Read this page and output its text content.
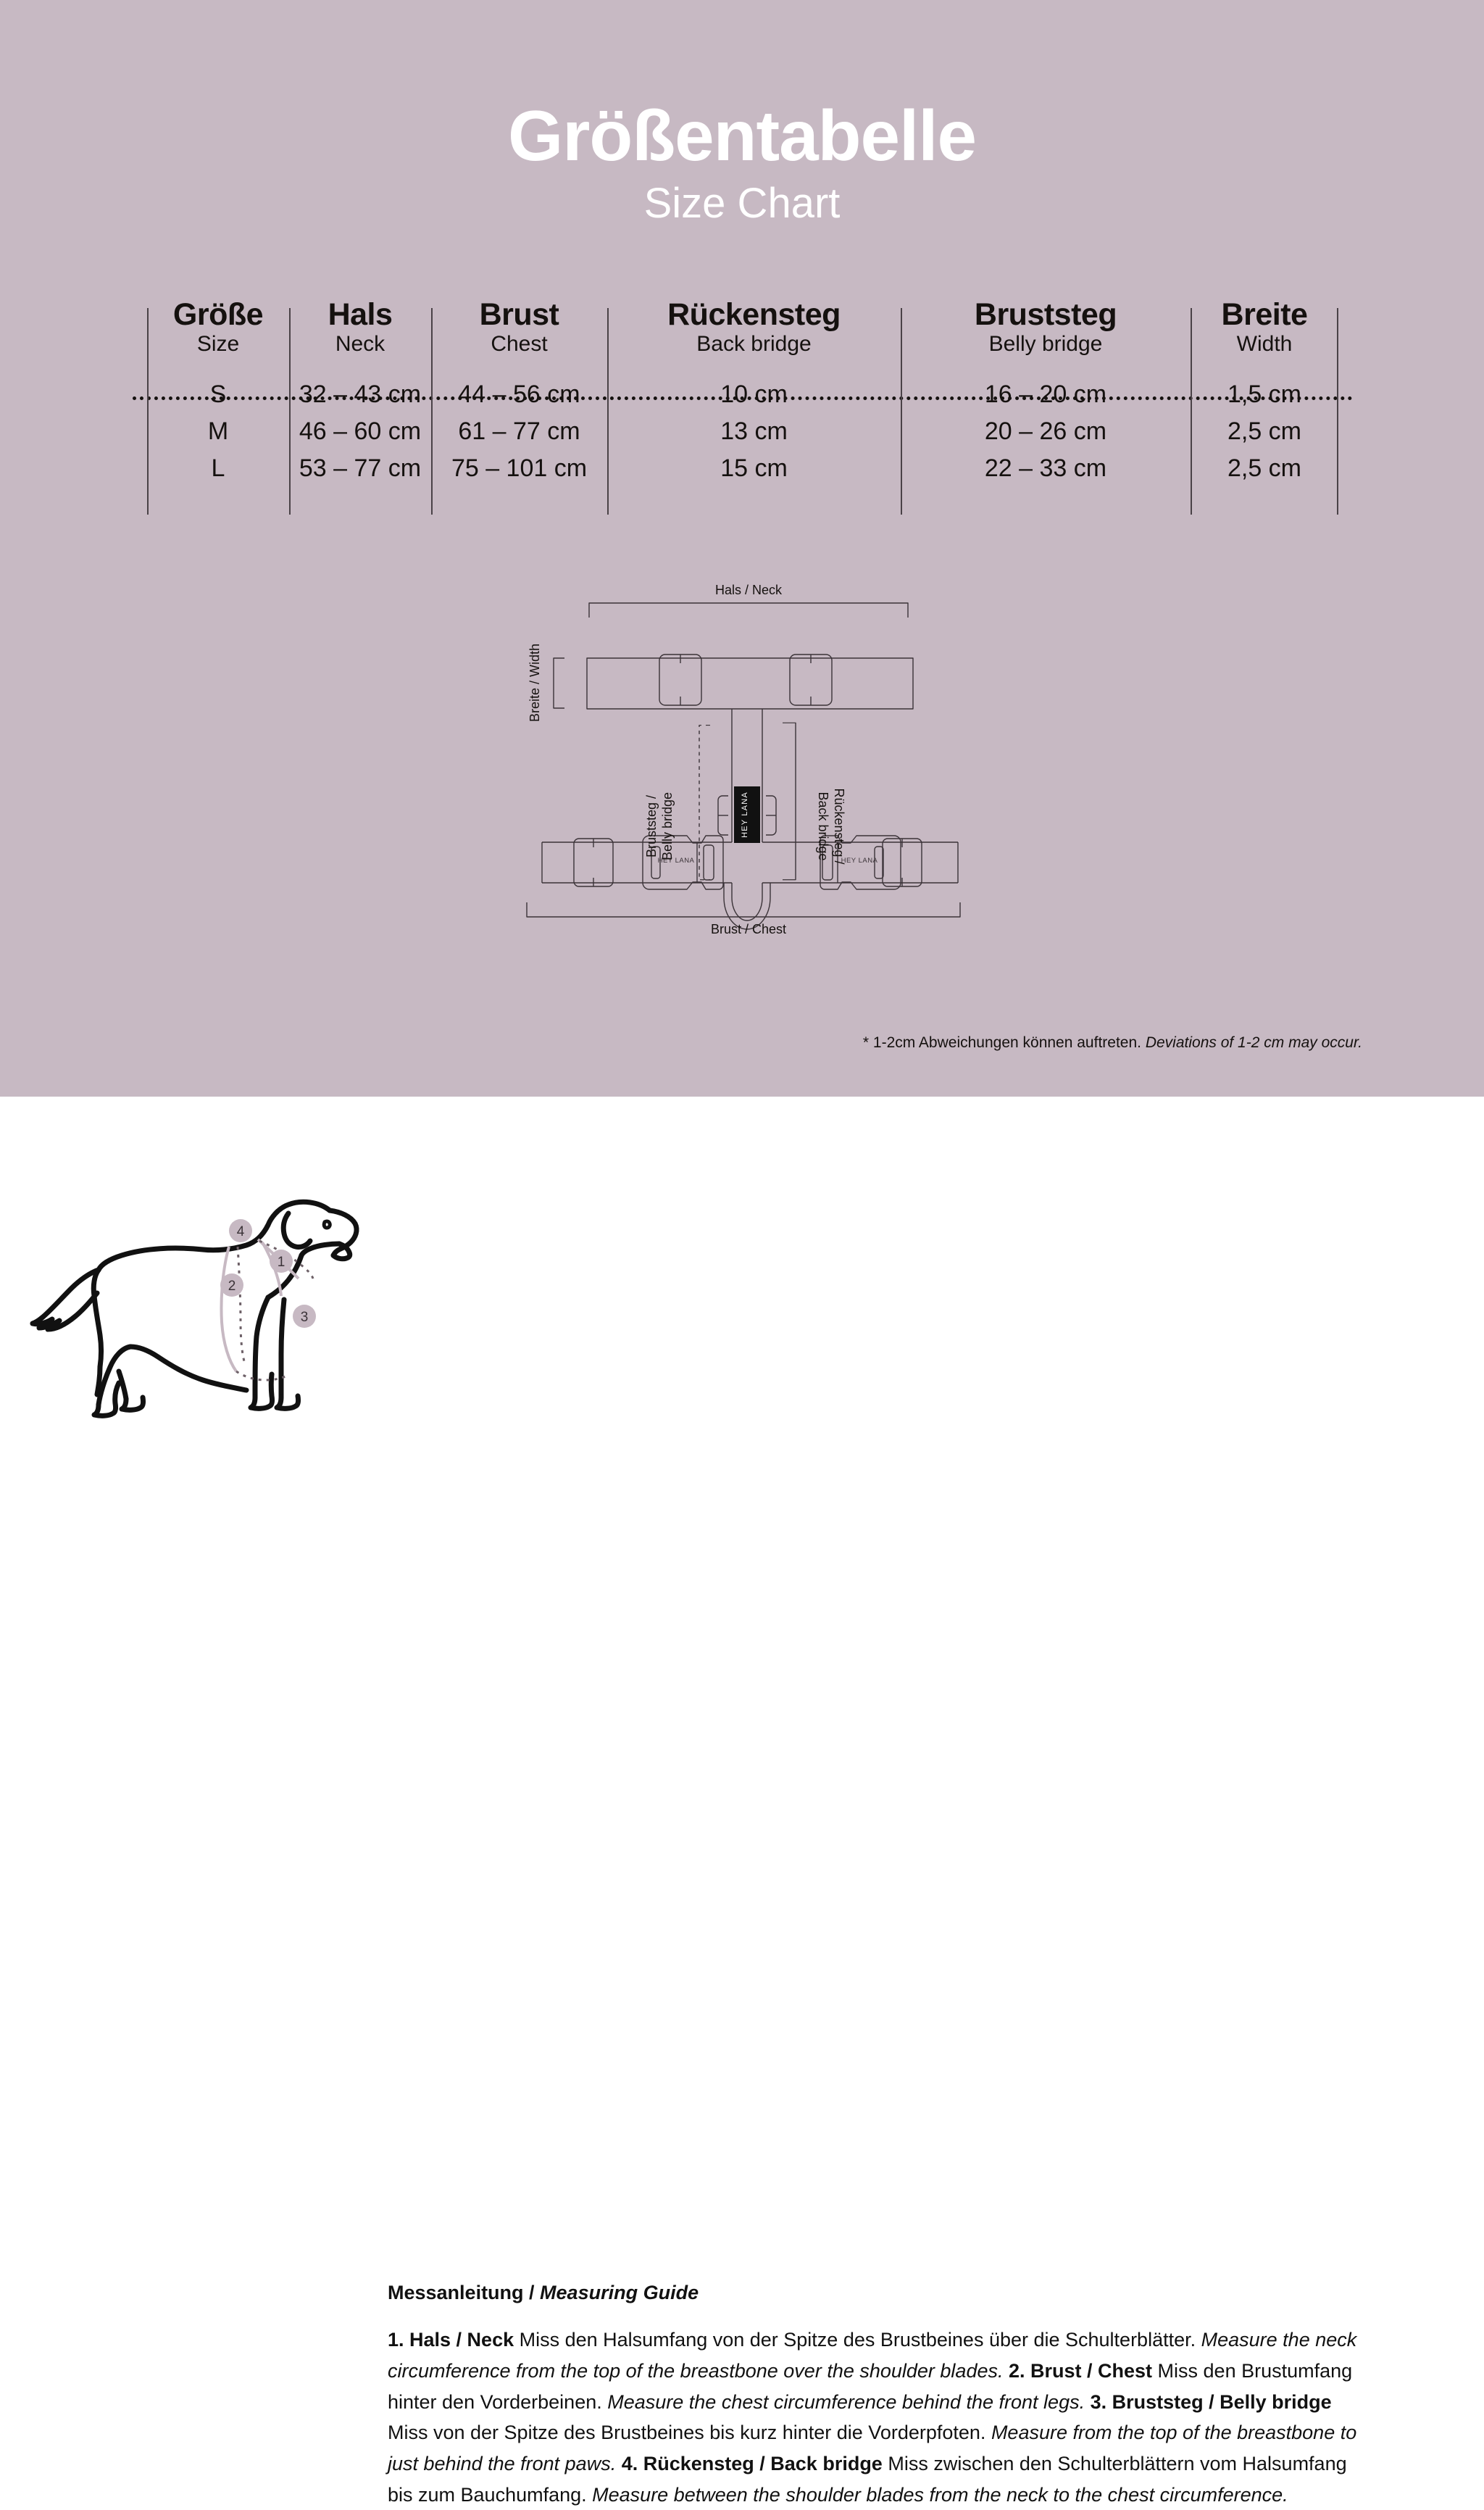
Größentabelle
Size Chart
Größe	Hals	Brust	Rückensteg	Bruststeg	Breite
Size	Neck	Chest	Back bridge	Belly bridge	Width

S	32 – 43 cm	44 – 56 cm	10 cm	16 – 20 cm	1,5 cm
M	46 – 60 cm	61 – 77 cm	13 cm	20 – 26 cm	2,5 cm
L	53 – 77 cm	75 – 101 cm	15 cm	22 – 33 cm	2,5 cm
HEY LANA
HEY LANA	HEY LANA
Hals / Neck
Breite / Width
Bruststeg / Belly bridge	Rückensteg /
Back bridge
Brust / Chest
* 1-2cm Abweichungen können auftreten. Deviations of 1-2 cm may occur.
1
2
3
4
Messanleitung / Measuring Guide
1. Hals / Neck Miss den Halsumfang von der Spitze des Brustbeines über die Schulterblätter. Measure the neck circumference from the top of the breastbone over the shoulder blades. 2. Brust / Chest Miss den Brustumfang hinter den Vorderbeinen. Measure the chest circumference behind the front legs. 3. Bruststeg / Belly bridge Miss von der Spitze des Brustbeines bis kurz hinter die Vorderpfoten. Measure from the top of the breastbone to just behind the front paws. 4. Rückensteg / Back bridge Miss zwischen den Schulterblättern vom Halsumfang bis zum Bauchumfang. Measure between the shoulder blades from the neck to the chest circumference.
